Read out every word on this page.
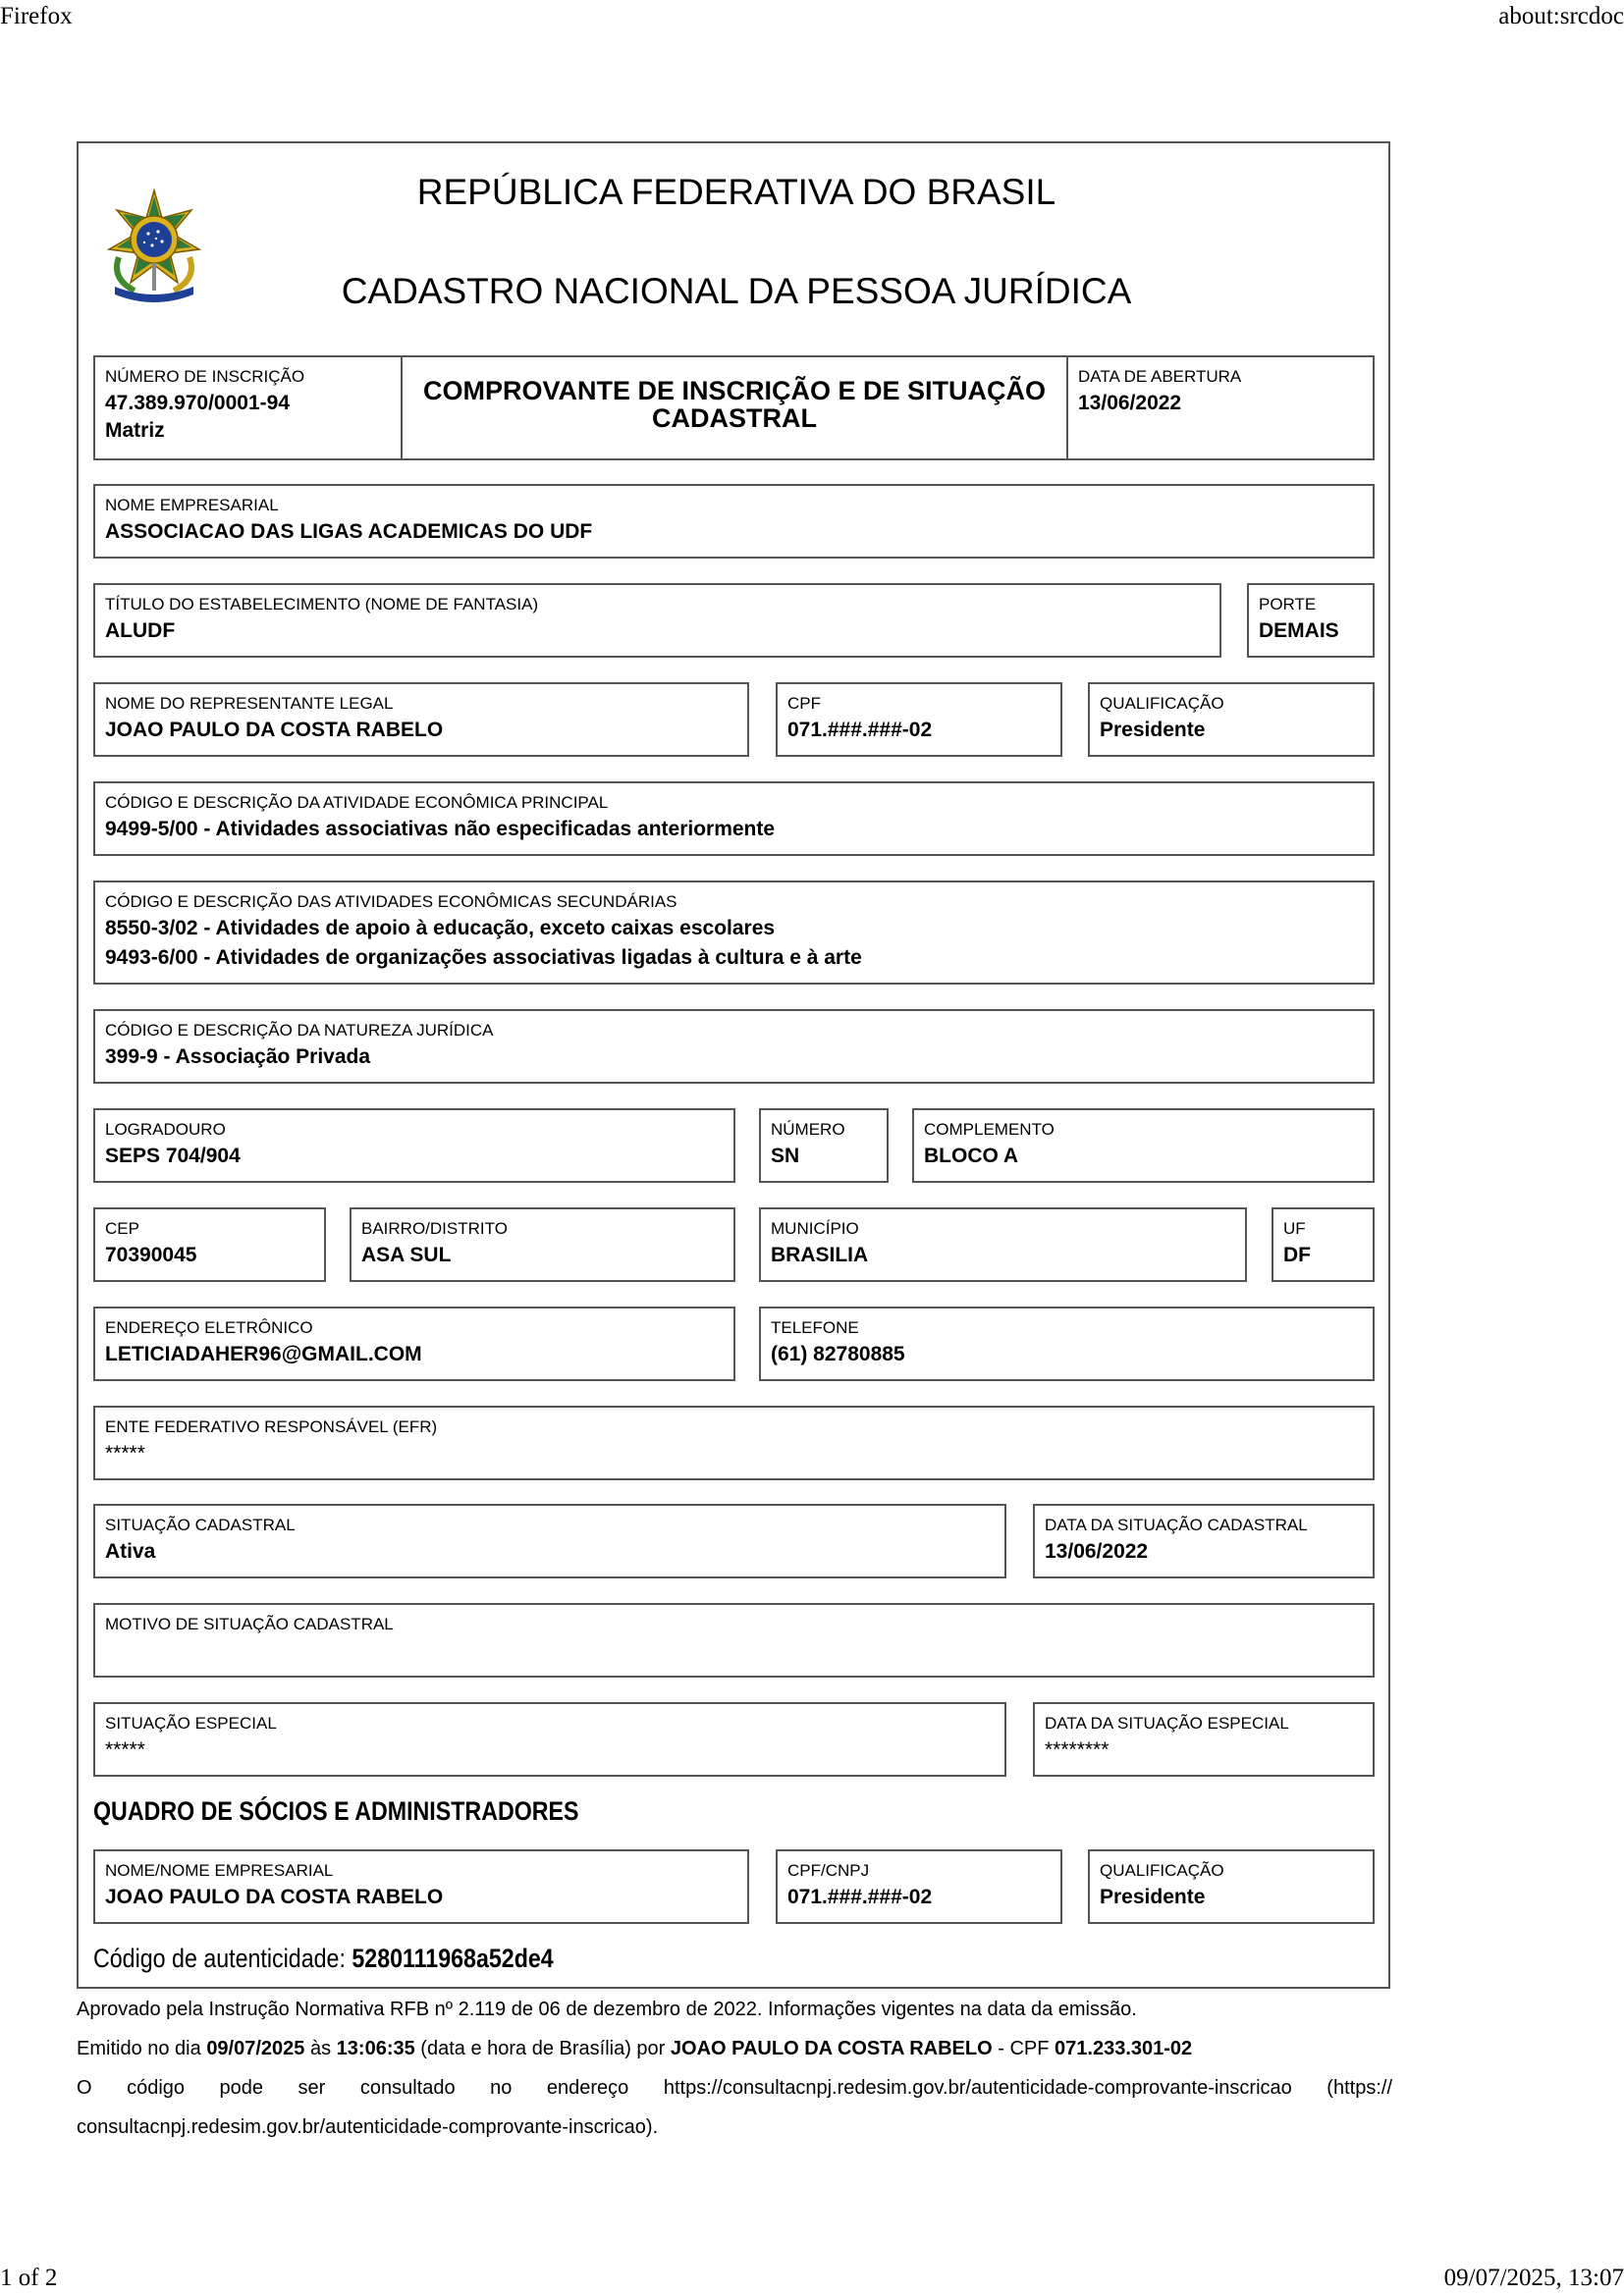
Firefox	about:srcdoc
1 of 2	09/07/2025, 13:07
REPÚBLICA FEDERATIVA DO BRASIL
CADASTRO NACIONAL DA PESSOA JURÍDICA
NÚMERO DE INSCRIÇÃO
47.389.970/0001-94
Matriz
COMPROVANTE DE INSCRIÇÃO E DE SITUAÇÃO
CADASTRAL
DATA DE ABERTURA
13/06/2022
NOME EMPRESARIAL
ASSOCIACAO DAS LIGAS ACADEMICAS DO UDF
TÍTULO DO ESTABELECIMENTO (NOME DE FANTASIA)
ALUDF
PORTE
DEMAIS
NOME DO REPRESENTANTE LEGAL
JOAO PAULO DA COSTA RABELO
CPF
071.###.###-02
QUALIFICAÇÃO
Presidente
CÓDIGO E DESCRIÇÃO DA ATIVIDADE ECONÔMICA PRINCIPAL
9499-5/00 - Atividades associativas não especificadas anteriormente
CÓDIGO E DESCRIÇÃO DAS ATIVIDADES ECONÔMICAS SECUNDÁRIAS
8550-3/02 - Atividades de apoio à educação, exceto caixas escolares
9493-6/00 - Atividades de organizações associativas ligadas à cultura e à arte
CÓDIGO E DESCRIÇÃO DA NATUREZA JURÍDICA
399-9 - Associação Privada
LOGRADOURO
SEPS 704/904
NÚMERO
SN
COMPLEMENTO
BLOCO A
CEP
70390045
BAIRRO/DISTRITO
ASA SUL
MUNICÍPIO
BRASILIA
UF
DF
ENDEREÇO ELETRÔNICO
LETICIADAHER96@GMAIL.COM
TELEFONE
(61) 82780885
ENTE FEDERATIVO RESPONSÁVEL (EFR)
*****
SITUAÇÃO CADASTRAL
Ativa
DATA DA SITUAÇÃO CADASTRAL
13/06/2022
MOTIVO DE SITUAÇÃO CADASTRAL
SITUAÇÃO ESPECIAL
*****
DATA DA SITUAÇÃO ESPECIAL
********
QUADRO DE SÓCIOS E ADMINISTRADORES
NOME/NOME EMPRESARIAL
JOAO PAULO DA COSTA RABELO
CPF/CNPJ
071.###.###-02
QUALIFICAÇÃO
Presidente
Código de autenticidade: 5280111968a52de4
Aprovado pela Instrução Normativa RFB nº 2.119 de 06 de dezembro de 2022. Informações vigentes na data da emissão.
Emitido no dia 09/07/2025 às 13:06:35 (data e hora de Brasília) por JOAO PAULO DA COSTA RABELO - CPF 071.233.301-02
O código pode ser consultado no endereço https://consultacnpj.redesim.gov.br/autenticidade-comprovante-inscricao (https://
consultacnpj.redesim.gov.br/autenticidade-comprovante-inscricao).
